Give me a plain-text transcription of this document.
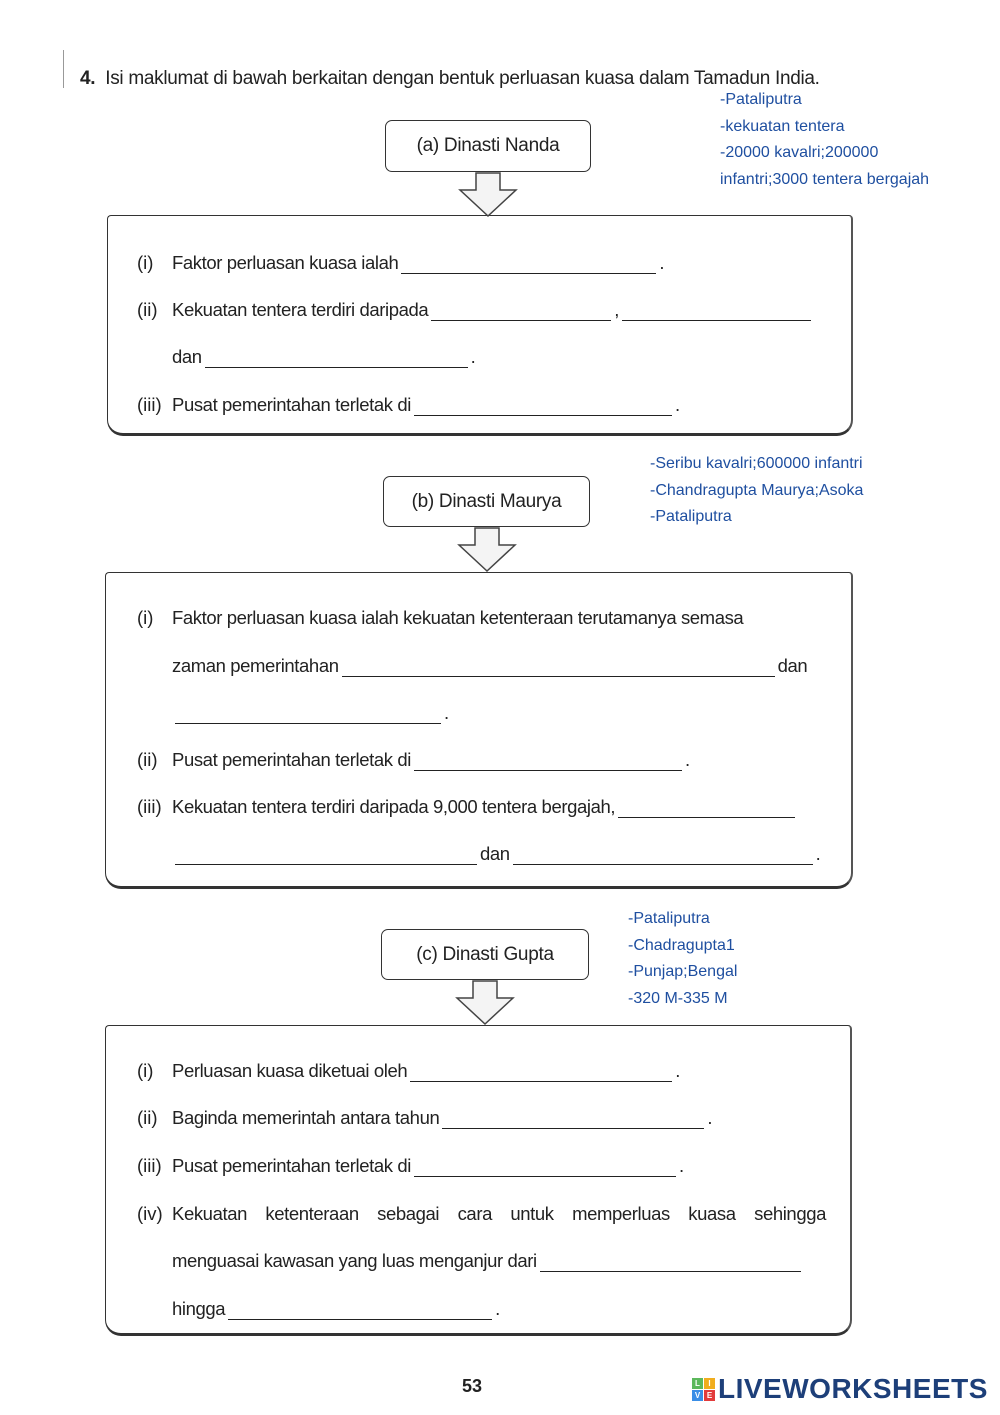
4. Isi maklumat di bawah berkaitan dengan bentuk perluasan kuasa dalam Tamadun India.
(a) Dinasti Nanda
-Pataliputra
-kekuatan tentera
-20000 kavalri;200000
infantri;3000 tentera bergajah
(i) Faktor perluasan kuasa ialah	.
(ii) Kekuatan tentera terdiri daripada	,
dan	.
(iii) Pusat pemerintahan terletak di	.
(b) Dinasti Maurya
-Seribu kavalri;600000 infantri
-Chandragupta Maurya;Asoka
-Pataliputra
(i) Faktor perluasan kuasa ialah kekuatan ketenteraan terutamanya semasa
zaman pemerintahan	dan
.
(ii) Pusat pemerintahan terletak di	.
(iii) Kekuatan tentera terdiri daripada 9,000 tentera bergajah,
dan	.
(c) Dinasti Gupta
-Pataliputra
-Chadragupta1
-Punjap;Bengal
-320 M-335 M
(i) Perluasan kuasa diketuai oleh	.
(ii) Baginda memerintah antara tahun	.
(iii) Pusat pemerintahan terletak di	.
(iv) Kekuatan ketenteraan sebagai cara untuk memperluas kuasa sehingga
menguasai kawasan yang luas menganjur dari
hingga	.
53	L	I
V E LIVEWORKSHEETS
